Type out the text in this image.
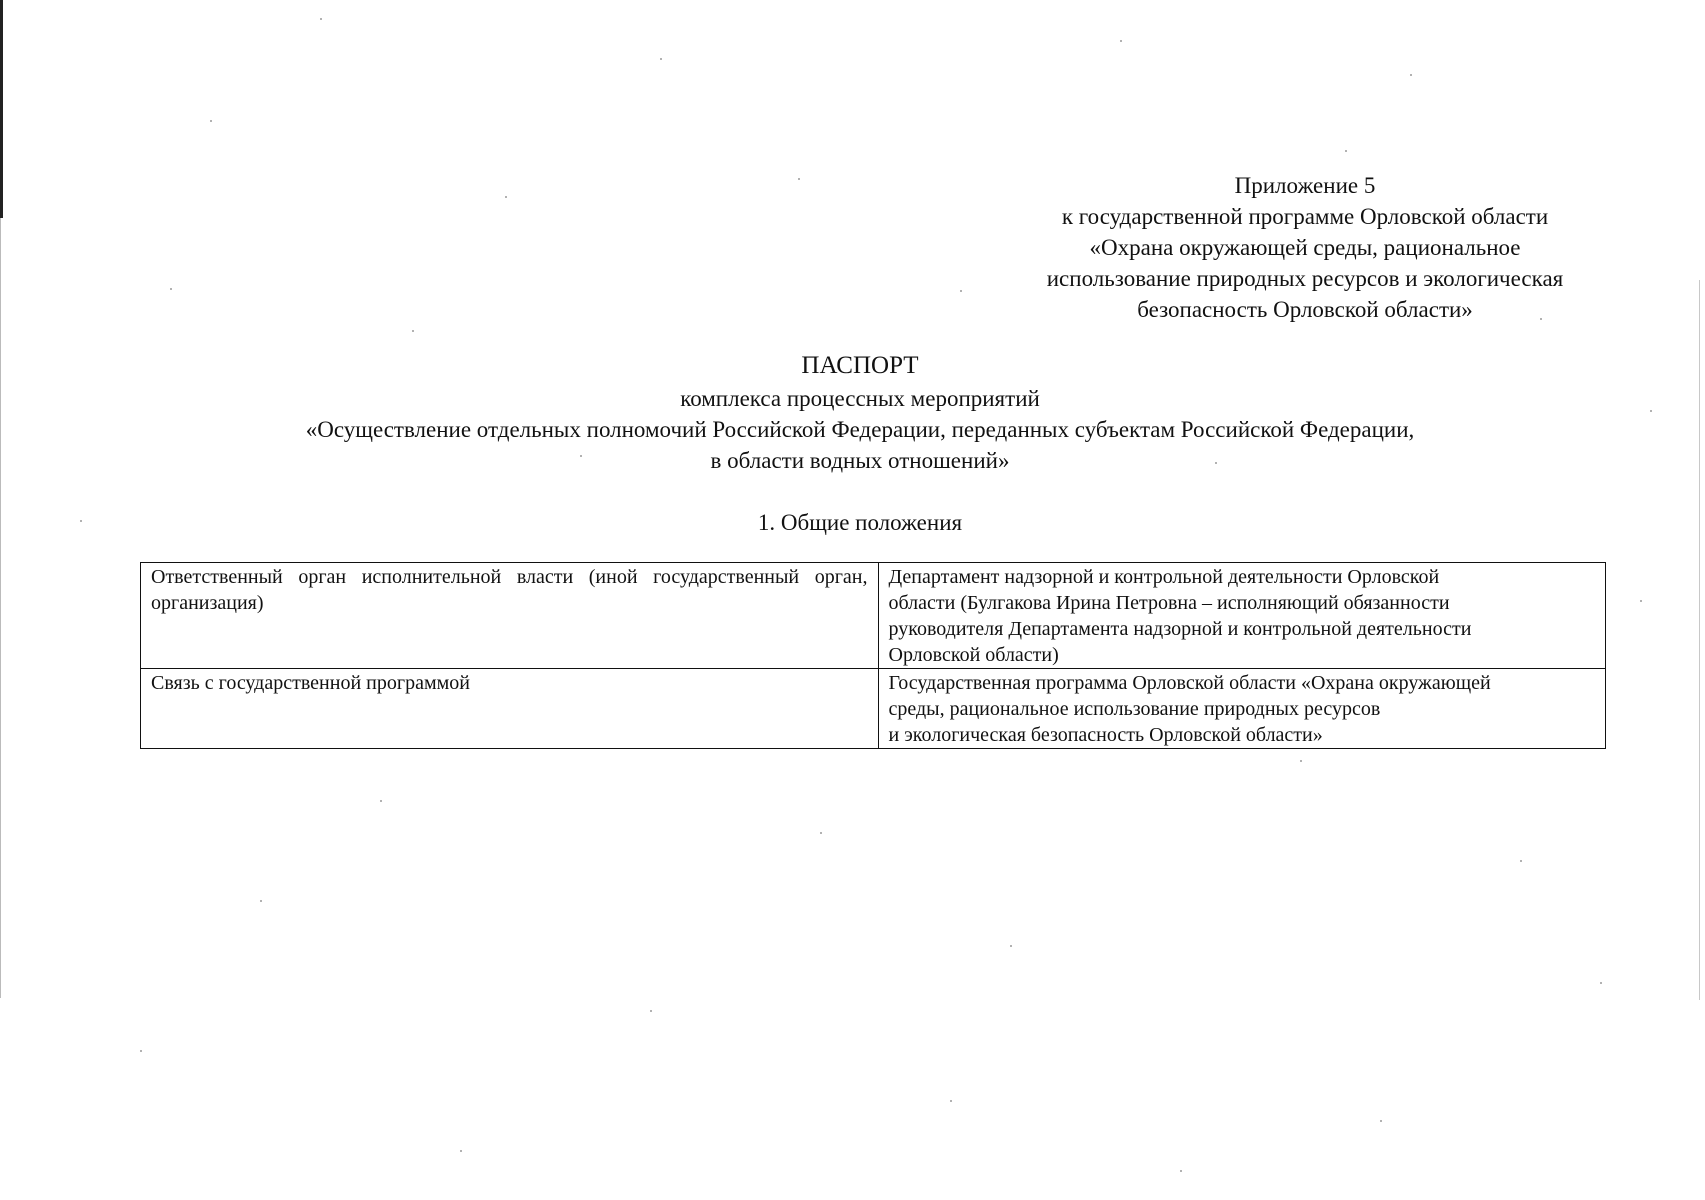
Приложение 5
к государственной программе Орловской области
«Охрана окружающей среды, рациональное
использование природных ресурсов и экологическая
безопасность Орловской области»
ПАСПОРТ
комплекса процессных мероприятий
«Осуществление отдельных полномочий Российской Федерации, переданных субъектам Российской Федерации,
в области водных отношений»
1. Общие положения
Ответственный орган исполнительной власти (иной государственный орган, организация)	Департамент надзорной и контрольной деятельности Орловской
области (Булгакова Ирина Петровна – исполняющий обязанности
руководителя Департамента надзорной и контрольной деятельности
Орловской области)

Связь с государственной программой	Государственная программа Орловской области «Охрана окружающей
среды, рациональное использование природных ресурсов
и экологическая безопасность Орловской области»
